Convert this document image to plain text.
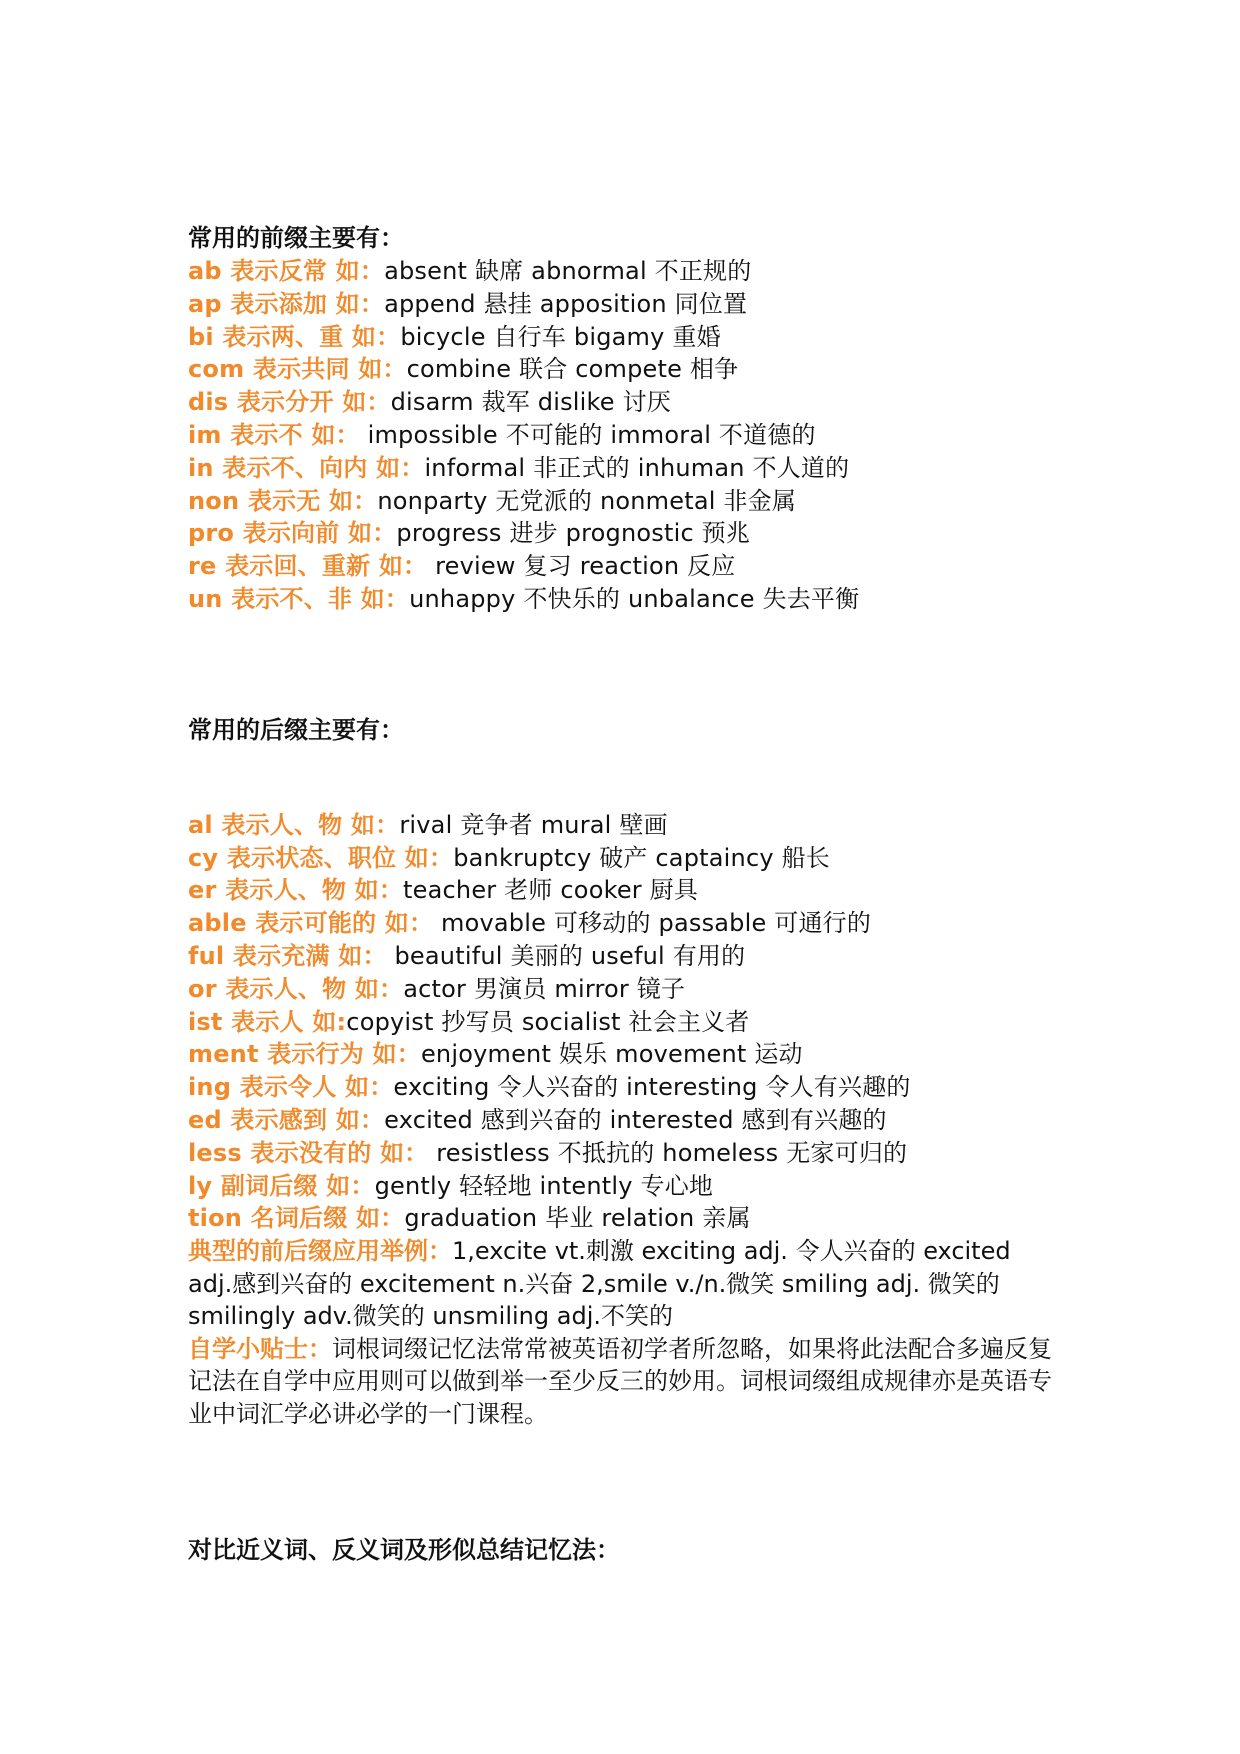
常用的前缀主要有：
ab 表示反常 如：absent 缺席 abnormal 不正规的
ap 表示添加 如：append 悬挂 apposition 同位置
bi 表示两、重 如：bicycle 自行车 bigamy 重婚
com 表示共同 如：combine 联合 compete 相争
dis 表示分开 如：disarm 裁军 dislike 讨厌
im 表示不 如： impossible 不可能的 immoral 不道德的
in 表示不、向内 如：informal 非正式的 inhuman 不人道的
non 表示无 如：nonparty 无党派的 nonmetal 非金属
pro 表示向前 如：progress 进步 prognostic 预兆
re 表示回、重新 如： review 复习 reaction 反应
un 表示不、非 如：unhappy 不快乐的 unbalance 失去平衡
常用的后缀主要有：
al 表示人、物 如：rival 竞争者 mural 壁画
cy 表示状态、职位 如：bankruptcy 破产 captaincy 船长
er 表示人、物 如：teacher 老师 cooker 厨具
able 表示可能的 如： movable 可移动的 passable 可通行的
ful 表示充满 如： beautiful 美丽的 useful 有用的
or 表示人、物 如：actor 男演员 mirror 镜子
ist 表示人 如:copyist 抄写员 socialist 社会主义者
ment 表示行为 如：enjoyment 娱乐 movement 运动
ing 表示令人 如：exciting 令人兴奋的 interesting 令人有兴趣的
ed 表示感到 如：excited 感到兴奋的 interested 感到有兴趣的
less 表示没有的 如： resistless 不抵抗的 homeless 无家可归的
ly 副词后缀 如：gently 轻轻地 intently 专心地
tion 名词后缀 如：graduation 毕业 relation 亲属
典型的前后缀应用举例：1,excite vt.刺激 exciting adj. 令人兴奋的 excited adj.感到兴奋的 excitement n.兴奋 2,smile v./n.微笑 smiling adj. 微笑的 smilingly adv.微笑的 unsmiling adj.不笑的
自学小贴士：词根词缀记忆法常常被英语初学者所忽略，如果将此法配合多遍反复记法在自学中应用则可以做到举一至少反三的妙用。词根词缀组成规律亦是英语专业中词汇学必讲必学的一门课程。
对比近义词、反义词及形似总结记忆法：
